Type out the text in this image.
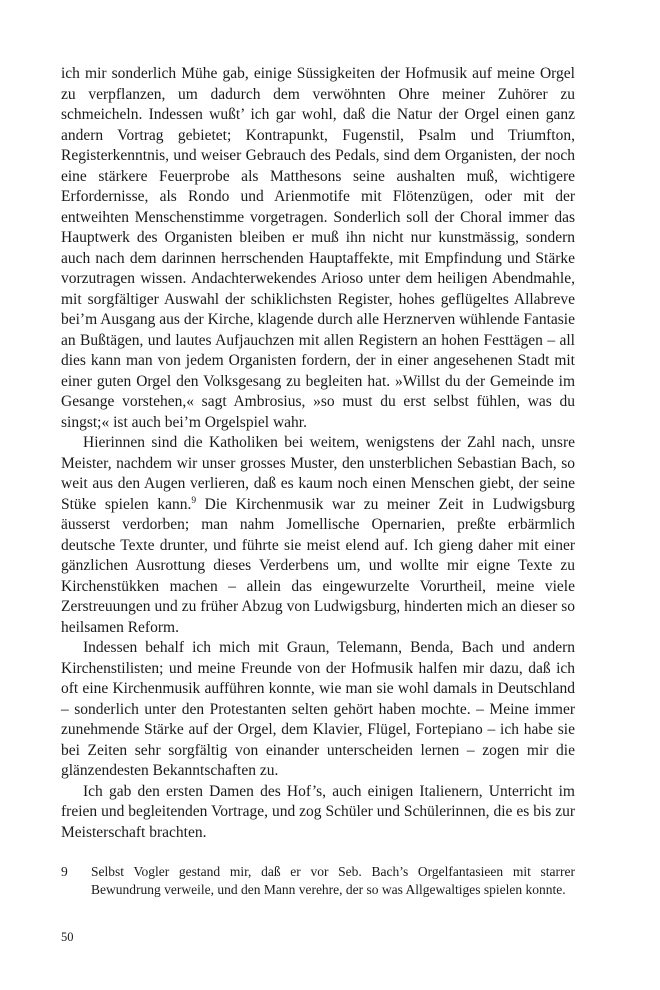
ich mir sonderlich Mühe gab, einige Süssigkeiten der Hofmusik auf meine Orgel zu verpflanzen, um dadurch dem verwöhnten Ohre meiner Zuhörer zu schmeicheln. Indessen wußt’ ich gar wohl, daß die Natur der Orgel einen ganz andern Vortrag gebietet; Kontrapunkt, Fugenstil, Psalm und Triumfton, Registerkenntnis, und weiser Gebrauch des Pedals, sind dem Organisten, der noch eine stärkere Feuerprobe als Matthesons seine aushalten muß, wichtigere Erfordernisse, als Rondo und Arienmotife mit Flötenzügen, oder mit der entweihten Menschenstimme vorgetragen. Sonderlich soll der Choral immer das Hauptwerk des Organisten bleiben er muß ihn nicht nur kunstmässig, sondern auch nach dem darinnen herrschenden Hauptaffekte, mit Empfindung und Stärke vorzutragen wissen. Andachterwekendes Arioso unter dem heiligen Abendmahle, mit sorgfältiger Auswahl der schiklichsten Register, hohes geflügeltes Allabreve bei’m Ausgang aus der Kirche, klagende durch alle Herznerven wühlende Fantasie an Bußtägen, und lautes Aufjauchzen mit allen Registern an hohen Festtägen – all dies kann man von jedem Organisten fordern, der in einer angesehenen Stadt mit einer guten Orgel den Volksgesang zu begleiten hat. »Willst du der Gemeinde im Gesange vorstehen,« sagt Ambrosius, »so must du erst selbst fühlen, was du singst;« ist auch bei’m Orgelspiel wahr.

Hierinnen sind die Katholiken bei weitem, wenigstens der Zahl nach, unsre Meister, nachdem wir unser grosses Muster, den unsterblichen Sebastian Bach, so weit aus den Augen verlieren, daß es kaum noch einen Menschen giebt, der seine Stüke spielen kann.$^9$ Die Kirchenmusik war zu meiner Zeit in Ludwigsburg äusserst verdorben; man nahm Jomellische Opernarien, preßte erbärmlich deutsche Texte drunter, und führte sie meist elend auf. Ich gieng daher mit einer gänzlichen Ausrottung dieses Verderbens um, und wollte mir eigne Texte zu Kirchenstükken machen – allein das eingewurzelte Vorurtheil, meine viele Zerstreuungen und zu früher Abzug von Ludwigsburg, hinderten mich an dieser so heilsamen Reform.

Indessen behalf ich mich mit Graun, Telemann, Benda, Bach und andern Kirchenstilisten; und meine Freunde von der Hofmusik halfen mir dazu, daß ich oft eine Kirchenmusik aufführen konnte, wie man sie wohl damals in Deutschland – sonderlich unter den Protestanten selten gehört haben mochte. – Meine immer zunehmende Stärke auf der Orgel, dem Klavier, Flügel, Fortepiano – ich habe sie bei Zeiten sehr sorgfältig von einander unterscheiden lernen – zogen mir die glänzendesten Bekanntschaften zu.

Ich gab den ersten Damen des Hof’s, auch einigen Italienern, Unterricht im freien und begleitenden Vortrage, und zog Schüler und Schülerinnen, die es bis zur Meisterschaft brachten.

9	Selbst Vogler gestand mir, daß er vor Seb. Bach’s Orgelfantasieen mit starrer Bewundrung verweile, und den Mann verehre, der so was Allgewaltiges spielen konnte.
50
